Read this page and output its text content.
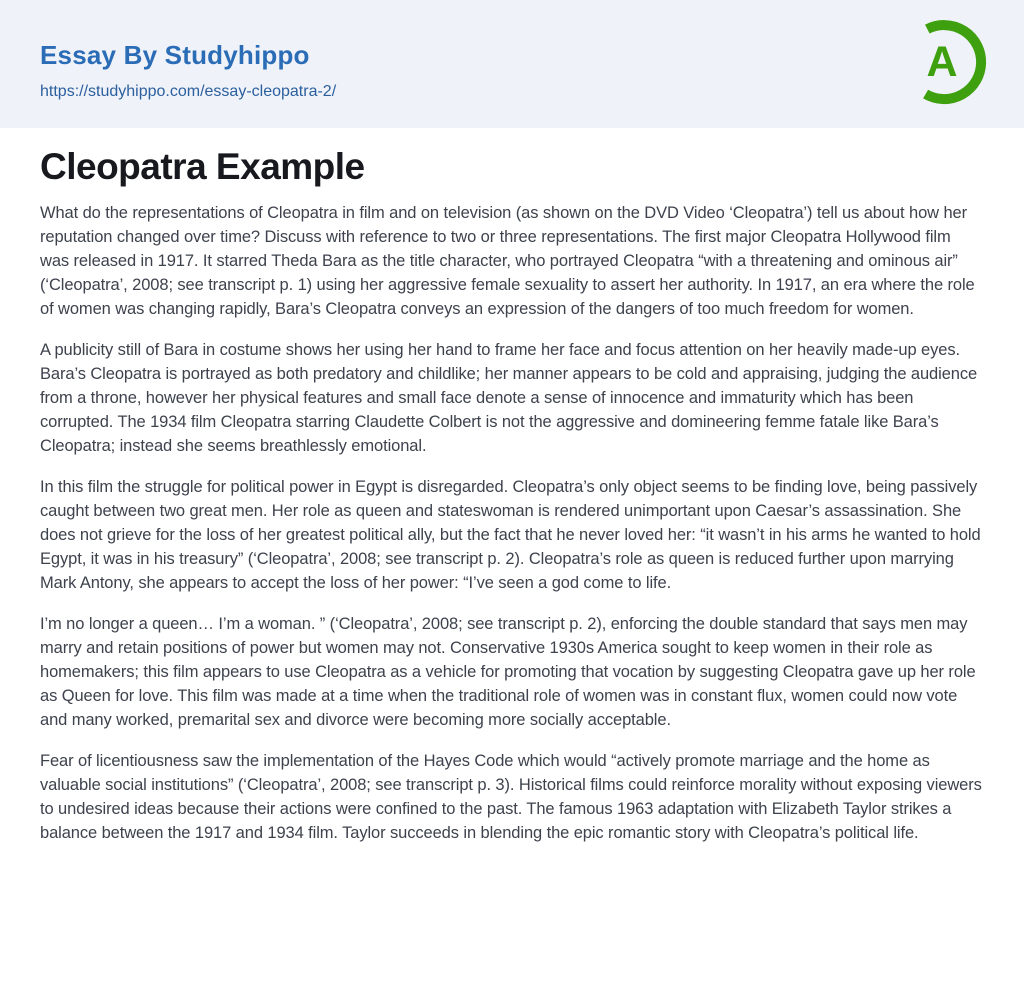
Essay By Studyhippo
https://studyhippo.com/essay-cleopatra-2/
A
Cleopatra Example

What do the representations of Cleopatra in film and on television (as shown on the DVD Video ‘Cleopatra’) tell us about how her reputation changed over time? Discuss with reference to two or three representations. The first major Cleopatra Hollywood film was released in 1917. It starred Theda Bara as the title character, who portrayed Cleopatra “with a threatening and ominous air” (‘Cleopatra’, 2008; see transcript p. 1) using her aggressive female sexuality to assert her authority. In 1917, an era where the role of women was changing rapidly, Bara’s Cleopatra conveys an expression of the dangers of too much freedom for women.

A publicity still of Bara in costume shows her using her hand to frame her face and focus attention on her heavily made-up eyes. Bara’s Cleopatra is portrayed as both predatory and childlike; her manner appears to be cold and appraising, judging the audience from a throne, however her physical features and small face denote a sense of innocence and immaturity which has been corrupted. The 1934 film Cleopatra starring Claudette Colbert is not the aggressive and domineering femme fatale like Bara’s Cleopatra; instead she seems breathlessly emotional.

In this film the struggle for political power in Egypt is disregarded. Cleopatra’s only object seems to be finding love, being passively caught between two great men. Her role as queen and stateswoman is rendered unimportant upon Caesar’s assassination. She does not grieve for the loss of her greatest political ally, but the fact that he never loved her: “it wasn’t in his arms he wanted to hold Egypt, it was in his treasury” (‘Cleopatra’, 2008; see transcript p. 2). Cleopatra’s role as queen is reduced further upon marrying Mark Antony, she appears to accept the loss of her power: “I’ve seen a god come to life.

I’m no longer a queen… I’m a woman. ” (‘Cleopatra’, 2008; see transcript p. 2), enforcing the double standard that says men may marry and retain positions of power but women may not. Conservative 1930s America sought to keep women in their role as homemakers; this film appears to use Cleopatra as a vehicle for promoting that vocation by suggesting Cleopatra gave up her role as Queen for love. This film was made at a time when the traditional role of women was in constant flux, women could now vote and many worked, premarital sex and divorce were becoming more socially acceptable.

Fear of licentiousness saw the implementation of the Hayes Code which would “actively promote marriage and the home as valuable social institutions” (‘Cleopatra’, 2008; see transcript p. 3). Historical films could reinforce morality without exposing viewers to undesired ideas because their actions were confined to the past. The famous 1963 adaptation with Elizabeth Taylor strikes a balance between the 1917 and 1934 film. Taylor succeeds in blending the epic romantic story with Cleopatra’s political life.
